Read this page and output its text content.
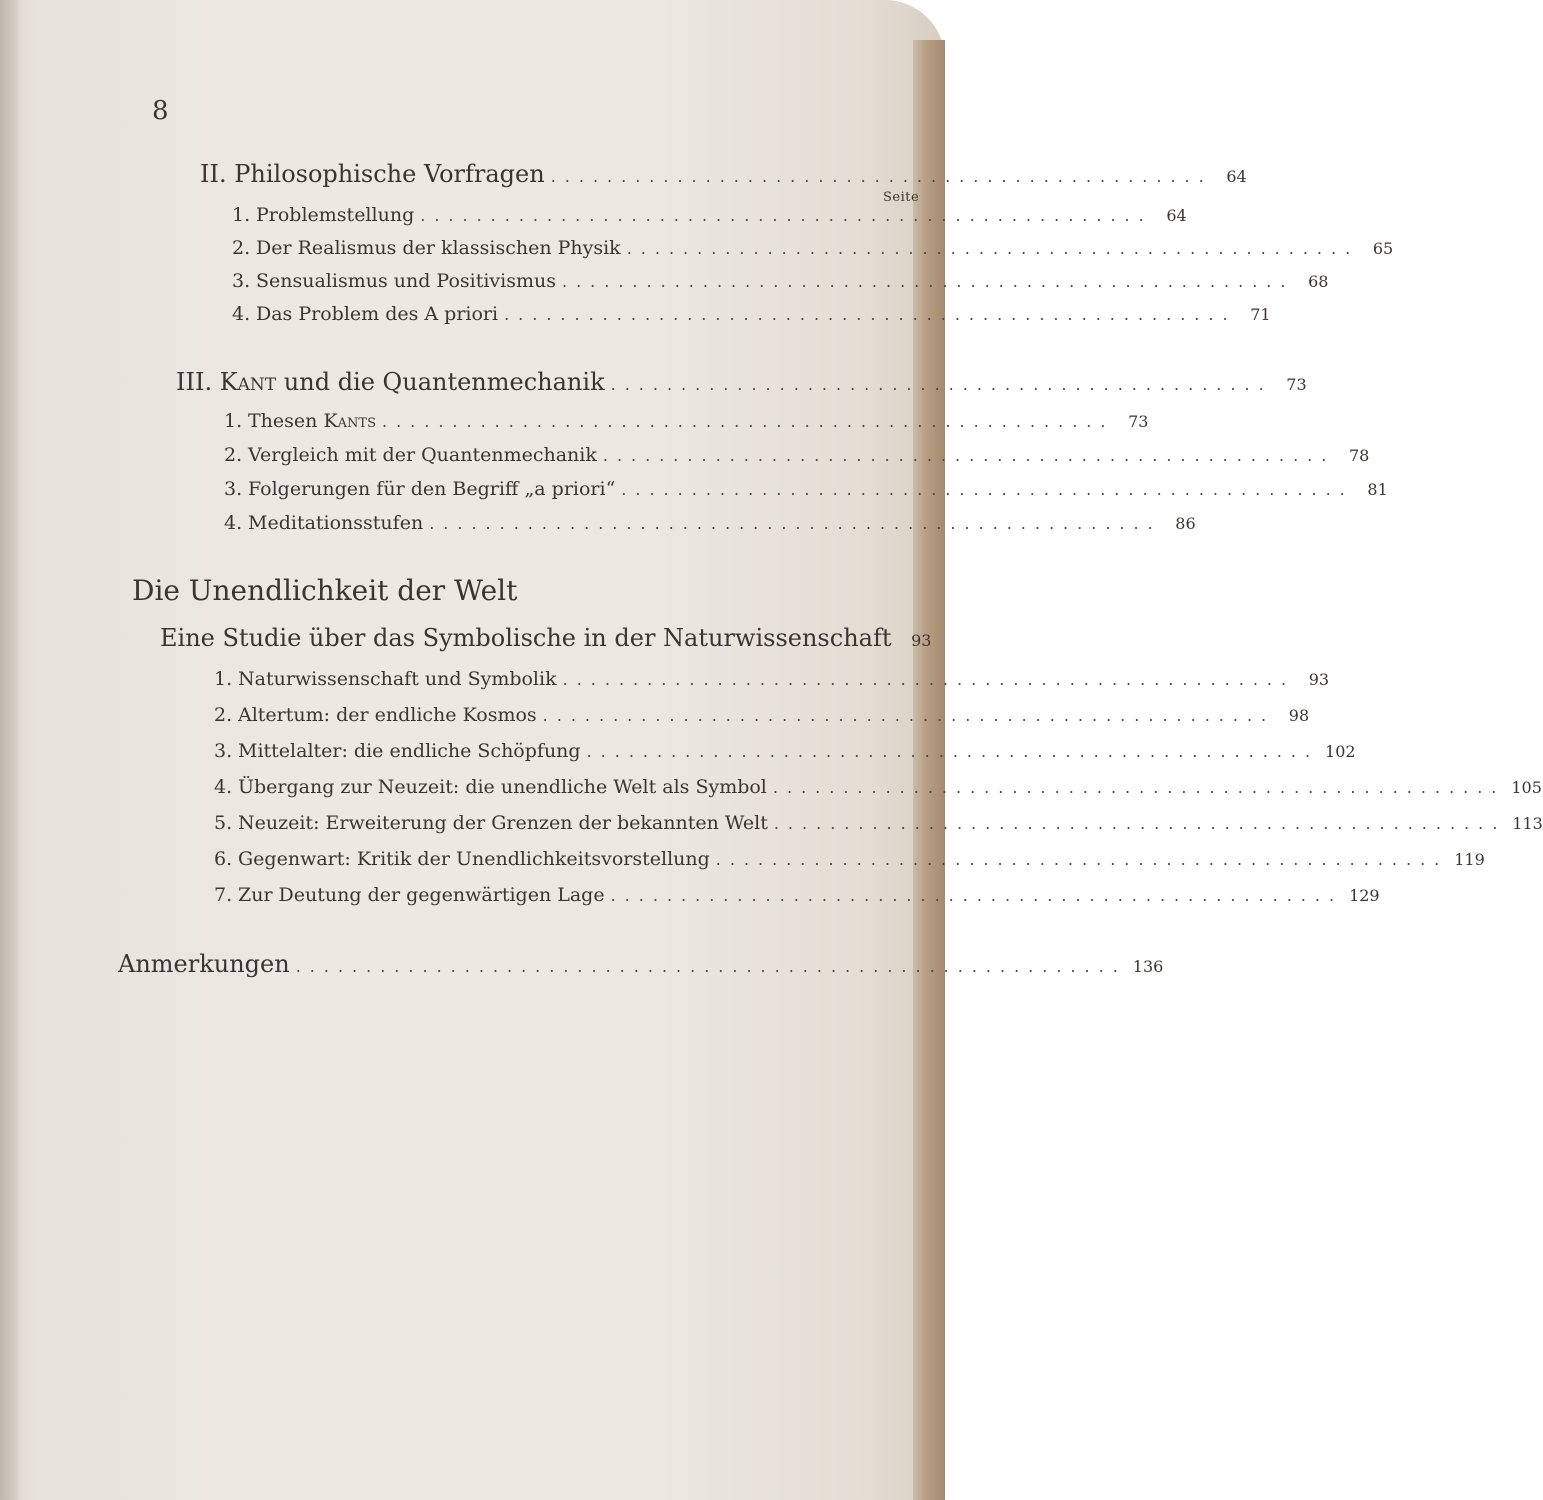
8
Seite
II. Philosophische Vorfragen ............................................... 64
1. Problemstellung .................................................... 64
2. Der Realismus der klassischen Physik .................................................... 65
3. Sensualismus und Positivismus .................................................... 68
4. Das Problem des A priori .................................................... 71
III. Kant und die Quantenmechanik ............................................... 73
1. Thesen Kants .................................................... 73
2. Vergleich mit der Quantenmechanik .................................................... 78
3. Folgerungen für den Begriff „a priori“ .................................................... 81
4. Meditationsstufen .................................................... 86
Die Unendlichkeit der Welt
Eine Studie über das Symbolische in der Naturwissenschaft	93
1. Naturwissenschaft und Symbolik .................................................... 93
2. Altertum: der endliche Kosmos .................................................... 98
3. Mittelalter: die endliche Schöpfung .................................................... 102
4. Übergang zur Neuzeit: die unendliche Welt als Symbol .................................................... 105
5. Neuzeit: Erweiterung der Grenzen der bekannten Welt .................................................... 113
6. Gegenwart: Kritik der Unendlichkeitsvorstellung .................................................... 119
7. Zur Deutung der gegenwärtigen Lage .................................................... 129
Anmerkungen ........................................................... 136
